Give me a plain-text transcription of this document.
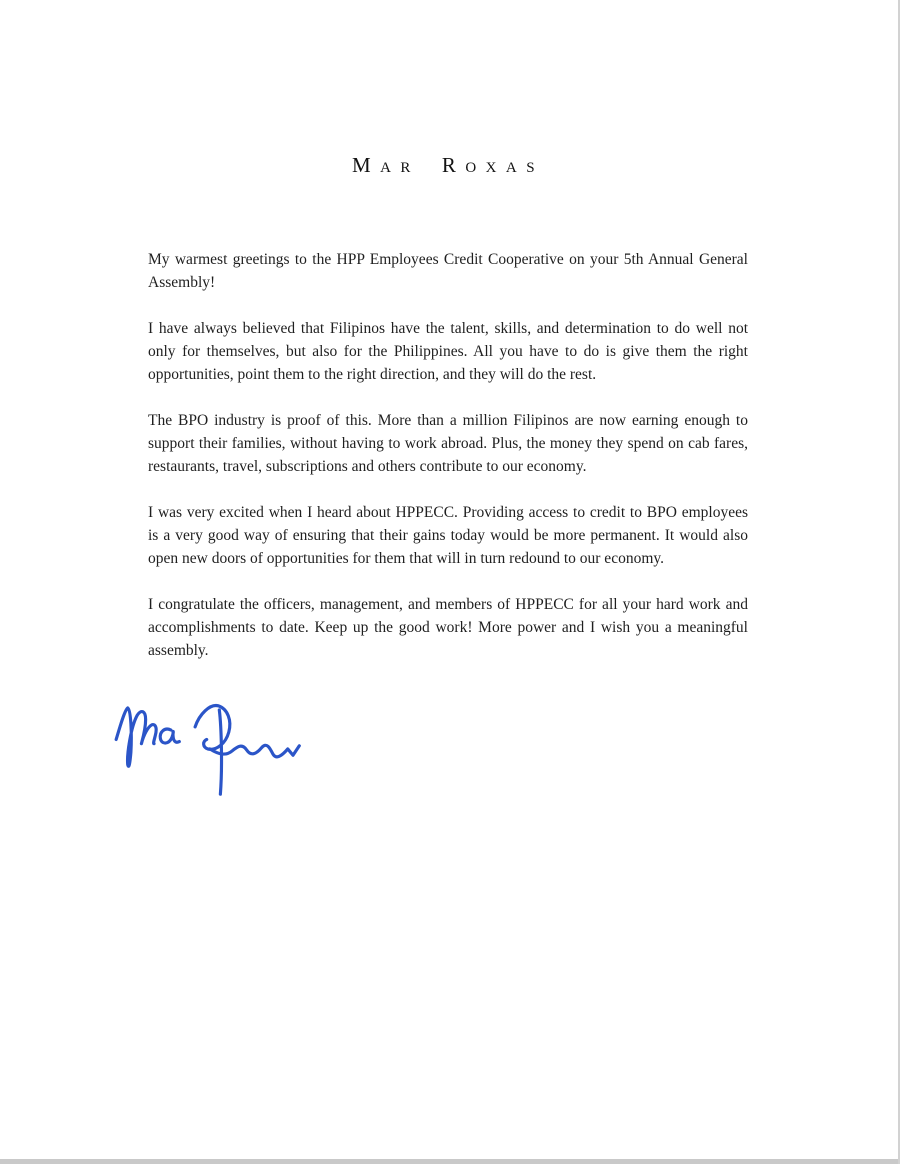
Mar Roxas

My warmest greetings to the HPP Employees Credit Cooperative on your 5th Annual General Assembly!

I have always believed that Filipinos have the talent, skills, and determination to do well not only for themselves, but also for the Philippines. All you have to do is give them the right opportunities, point them to the right direction, and they will do the rest.

The BPO industry is proof of this. More than a million Filipinos are now earning enough to support their families, without having to work abroad. Plus, the money they spend on cab fares, restaurants, travel, subscriptions and others contribute to our economy.

I was very excited when I heard about HPPECC. Providing access to credit to BPO employees is a very good way of ensuring that their gains today would be more permanent. It would also open new doors of opportunities for them that will in turn redound to our economy.

I congratulate the officers, management, and members of HPPECC for all your hard work and accomplishments to date. Keep up the good work! More power and I wish you a meaningful assembly.
